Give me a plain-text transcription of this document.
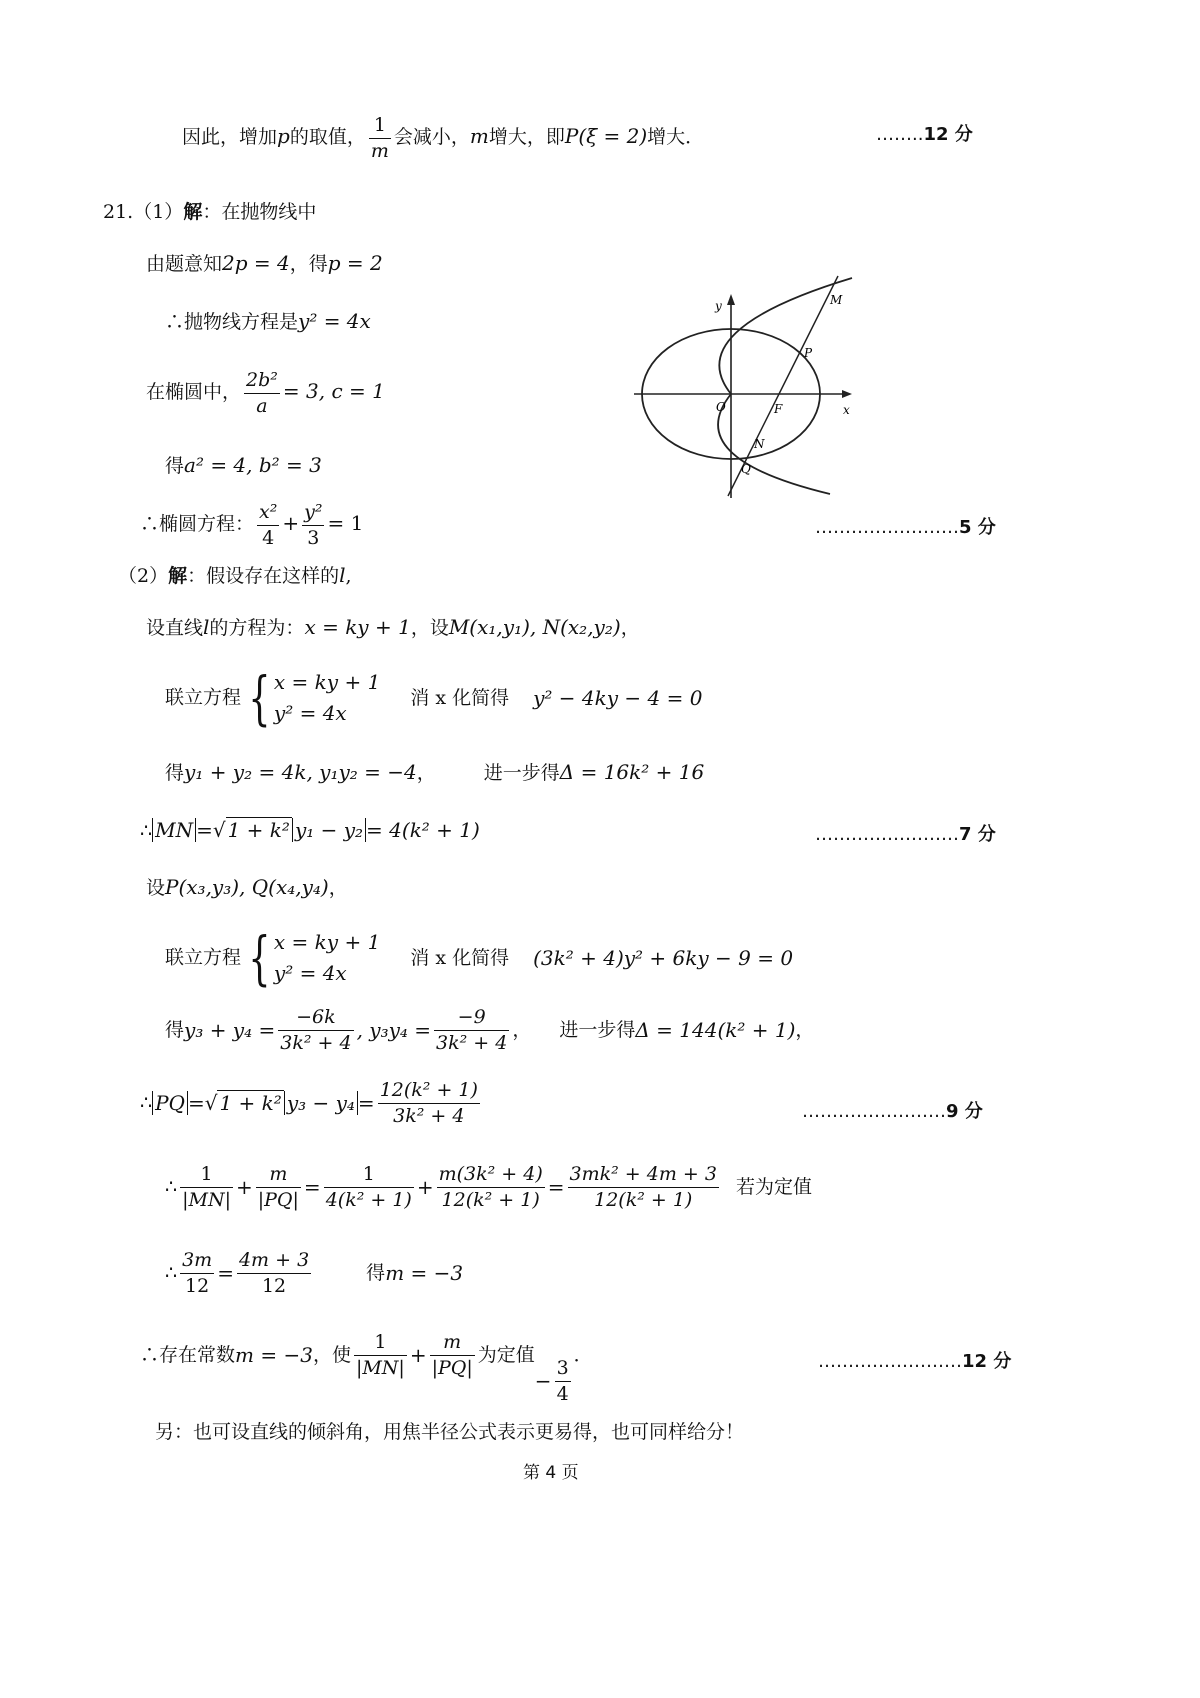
因此，增加p的取值， $\frac{1}{m}$ 会减小，m增大，即P(ξ = 2)增大．	……..12 分
21.（1）解：在抛物线中
由题意知2p = 4，得p = 2
∴抛物线方程是y² = 4x
在椭圆中， $\frac{\text{2b²}}{a} = 3$, c = 1
得a² = 4, b² = 3
∴椭圆方程： $\frac{\text{x²}}{4} + \frac{\text{y²}}{3} = 1$	……………………5 分
y
x
O	F
M
P
N
Q
（2）解：假设存在这样的l,
设直线l的方程为：x = ky + 1，设M(x₁,y₁), N(x₂,y₂)，
联立方程 { x = ky + 1
y² = 4x
消 x 化简得 y² − 4ky − 4 = 0
得y₁ + y₂ = 4k, y₁y₂ = −4，	进一步得Δ = 16k² + 16
∴ MN =√ 1 + k² y₁ − y₂ = 4(k² + 1)	……………………7 分
设P(x₃,y₃), Q(x₄,y₄)，
联立方程 { x = ky + 1
y² = 4x
消 x 化简得 (3k² + 4)y² + 6ky − 9 = 0
得$y_3 + y_4 = \frac{-6k}{\text{3k² + 4}}$ , $y_3y_4 = \frac{-9}{\text{3k² + 4}}$ ， 进一步得Δ = 144(k² + 1)，
∴ PQ =√ 1 + k² $y_3 - y_4 = \frac{\text{12(k² + 1)}}{\text{3k² + 4}}$	……………………9 分
∴ $\frac{1}{|MN|} + \frac{m}{|PQ|} = \frac{1}{\text{4(k² + 1)}} + \frac{\text{m(3k² + 4)}}{\text{12(k² + 1)}} = \frac{\text{3mk² + 4m + 3}}{\text{12(k² + 1)}}$ 若为定值
∴ $\frac{3m}{12} = \frac{4m + 3}{12}$	得m = −3
∴存在常数m = −3，使 $\frac{1}{|MN|} + \frac{m}{|PQ|}$ 为定值− $\frac{3}{4}$
．	……………………12 分
另：也可设直线的倾斜角，用焦半径公式表示更易得，也可同样给分！
第 4 页
